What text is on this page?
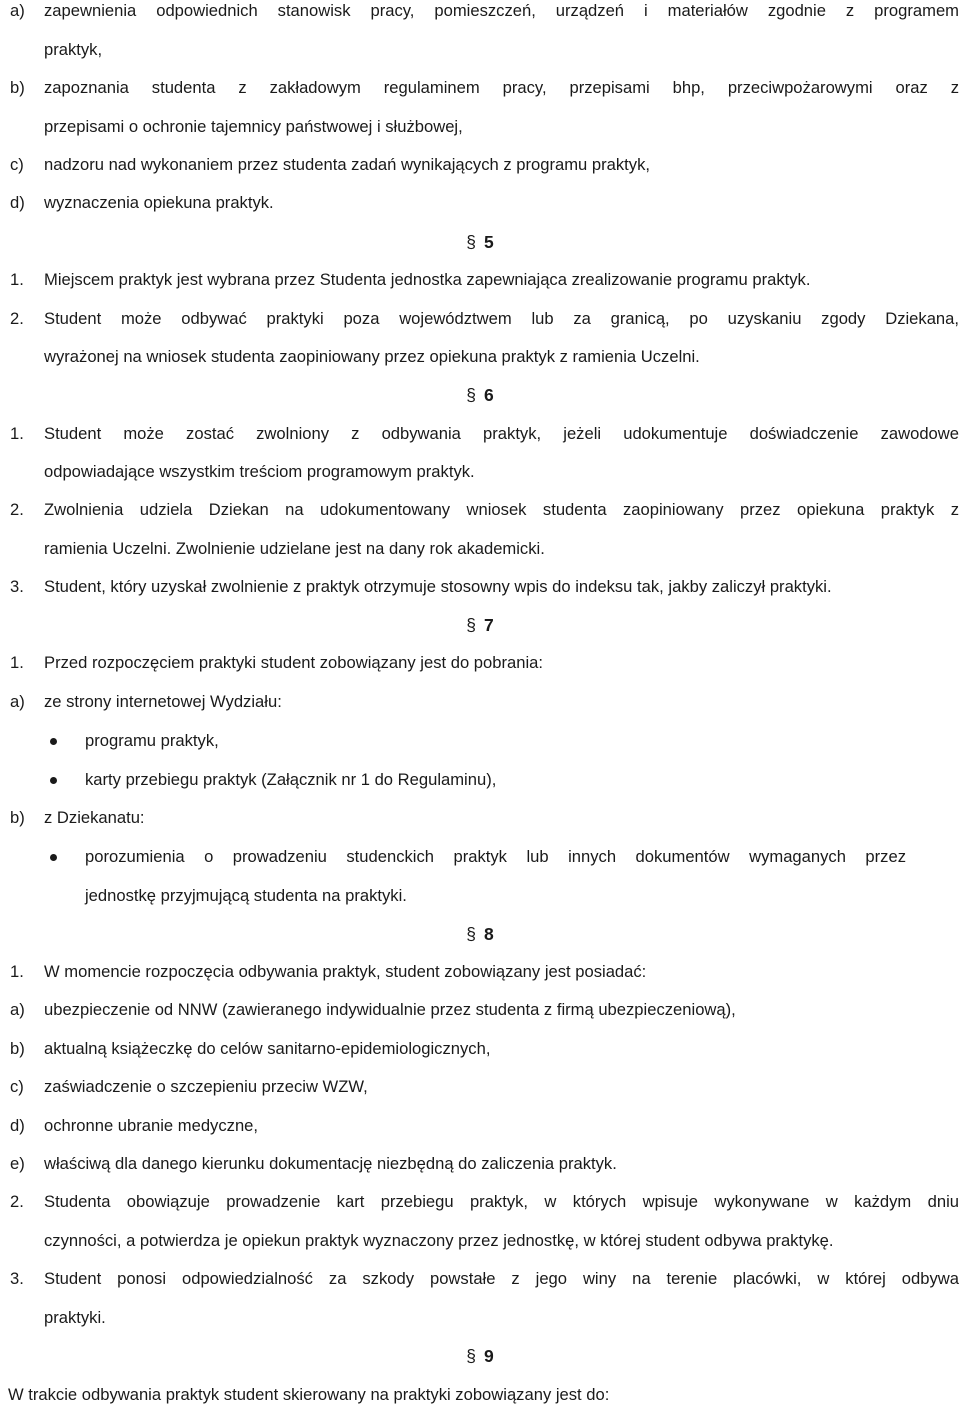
a) zapewnienia odpowiednich stanowisk pracy, pomieszczeń, urządzeń i materiałów zgodnie z programem
praktyk,
b) zapoznania studenta z zakładowym regulaminem pracy, przepisami bhp, przeciwpożarowymi oraz z
przepisami o ochronie tajemnicy państwowej i służbowej,
c) nadzoru nad wykonaniem przez studenta zadań wynikających z programu praktyk,
d) wyznaczenia opiekuna praktyk.
§ 5
1. Miejscem praktyk jest wybrana przez Studenta jednostka zapewniająca zrealizowanie programu praktyk.
2. Student może odbywać praktyki poza województwem lub za granicą, po uzyskaniu zgody Dziekana,
wyrażonej na wniosek studenta zaopiniowany przez opiekuna praktyk z ramienia Uczelni.
§ 6
1. Student może zostać zwolniony z odbywania praktyk, jeżeli udokumentuje doświadczenie zawodowe
odpowiadające wszystkim treściom programowym praktyk.
2. Zwolnienia udziela Dziekan na udokumentowany wniosek studenta zaopiniowany przez opiekuna praktyk z
ramienia Uczelni. Zwolnienie udzielane jest na dany rok akademicki.
3. Student, który uzyskał zwolnienie z praktyk otrzymuje stosowny wpis do indeksu tak, jakby zaliczył praktyki.
§ 7
1. Przed rozpoczęciem praktyki student zobowiązany jest do pobrania:
a) ze strony internetowej Wydziału:
programu praktyk,
karty przebiegu praktyk (Załącznik nr 1 do Regulaminu),
b) z Dziekanatu:
porozumienia o prowadzeniu studenckich praktyk lub innych dokumentów wymaganych przez
jednostkę przyjmującą studenta na praktyki.
§ 8
1. W momencie rozpoczęcia odbywania praktyk, student zobowiązany jest posiadać:
a) ubezpieczenie od NNW (zawieranego indywidualnie przez studenta z firmą ubezpieczeniową),
b) aktualną książeczkę do celów sanitarno-epidemiologicznych,
c) zaświadczenie o szczepieniu przeciw WZW,
d) ochronne ubranie medyczne,
e) właściwą dla danego kierunku dokumentację niezbędną do zaliczenia praktyk.
2. Studenta obowiązuje prowadzenie kart przebiegu praktyk, w których wpisuje wykonywane w każdym dniu
czynności, a potwierdza je opiekun praktyk wyznaczony przez jednostkę, w której student odbywa praktykę.
3. Student ponosi odpowiedzialność za szkody powstałe z jego winy na terenie placówki, w której odbywa
praktyki.
§ 9
W trakcie odbywania praktyk student skierowany na praktyki zobowiązany jest do:
